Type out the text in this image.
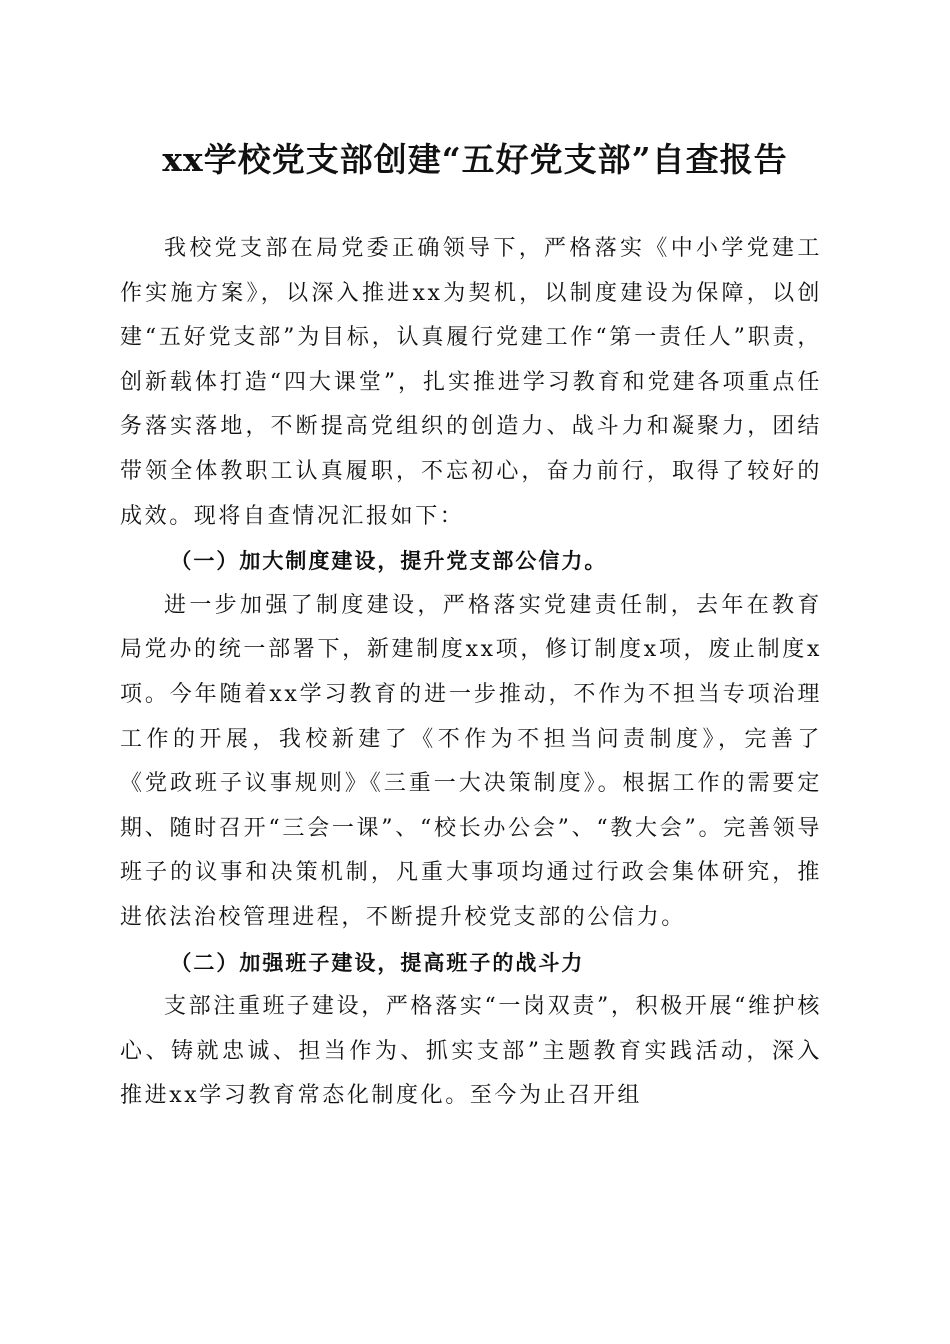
xx学校党支部创建“五好党支部”自查报告

我校党支部在局党委正确领导下，严格落实《中小学党建工作实施方案》，以深入推进xx为契机，以制度建设为保障，以创建“五好党支部”为目标，认真履行党建工作“第一责任人”职责，创新载体打造“四大课堂”，扎实推进学习教育和党建各项重点任务落实落地，不断提高党组织的创造力、战斗力和凝聚力，团结带领全体教职工认真履职，不忘初心，奋力前行，取得了较好的成效。现将自查情况汇报如下：

（一）加大制度建设，提升党支部公信力。

进一步加强了制度建设，严格落实党建责任制，去年在教育局党办的统一部署下，新建制度xx项，修订制度x项，废止制度x项。今年随着xx学习教育的进一步推动，不作为不担当专项治理工作的开展，我校新建了《不作为不担当问责制度》，完善了《党政班子议事规则》《三重一大决策制度》。根据工作的需要定期、随时召开“三会一课”、“校长办公会”、“教大会”。完善领导班子的议事和决策机制，凡重大事项均通过行政会集体研究，推进依法治校管理进程，不断提升校党支部的公信力。

（二）加强班子建设，提高班子的战斗力

支部注重班子建设，严格落实“一岗双责”，积极开展“维护核心、铸就忠诚、担当作为、抓实支部”主题教育实践活动，深入推进xx学习教育常态化制度化。至今为止召开组
